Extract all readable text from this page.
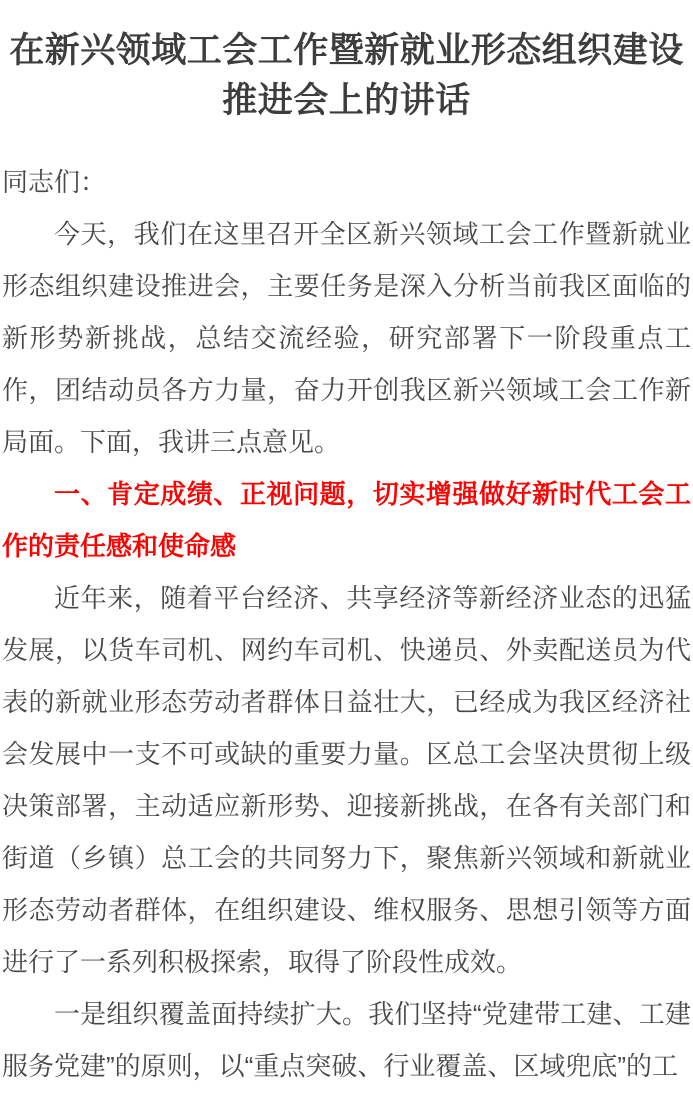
在新兴领域工会工作暨新就业形态组织建设推进会上的讲话

同志们：

今天，我们在这里召开全区新兴领域工会工作暨新就业形态组织建设推进会，主要任务是深入分析当前我区面临的新形势新挑战，总结交流经验，研究部署下一阶段重点工作，团结动员各方力量，奋力开创我区新兴领域工会工作新局面。下面，我讲三点意见。

一、肯定成绩、正视问题，切实增强做好新时代工会工作的责任感和使命感

近年来，随着平台经济、共享经济等新经济业态的迅猛发展，以货车司机、网约车司机、快递员、外卖配送员为代表的新就业形态劳动者群体日益壮大，已经成为我区经济社会发展中一支不可或缺的重要力量。区总工会坚决贯彻上级决策部署，主动适应新形势、迎接新挑战，在各有关部门和街道（乡镇）总工会的共同努力下，聚焦新兴领域和新就业形态劳动者群体，在组织建设、维权服务、思想引领等方面进行了一系列积极探索，取得了阶段性成效。

一是组织覆盖面持续扩大。我们坚持“党建带工建、工建服务党建”的原则，以“重点突破、行业覆盖、区域兜底”的工
